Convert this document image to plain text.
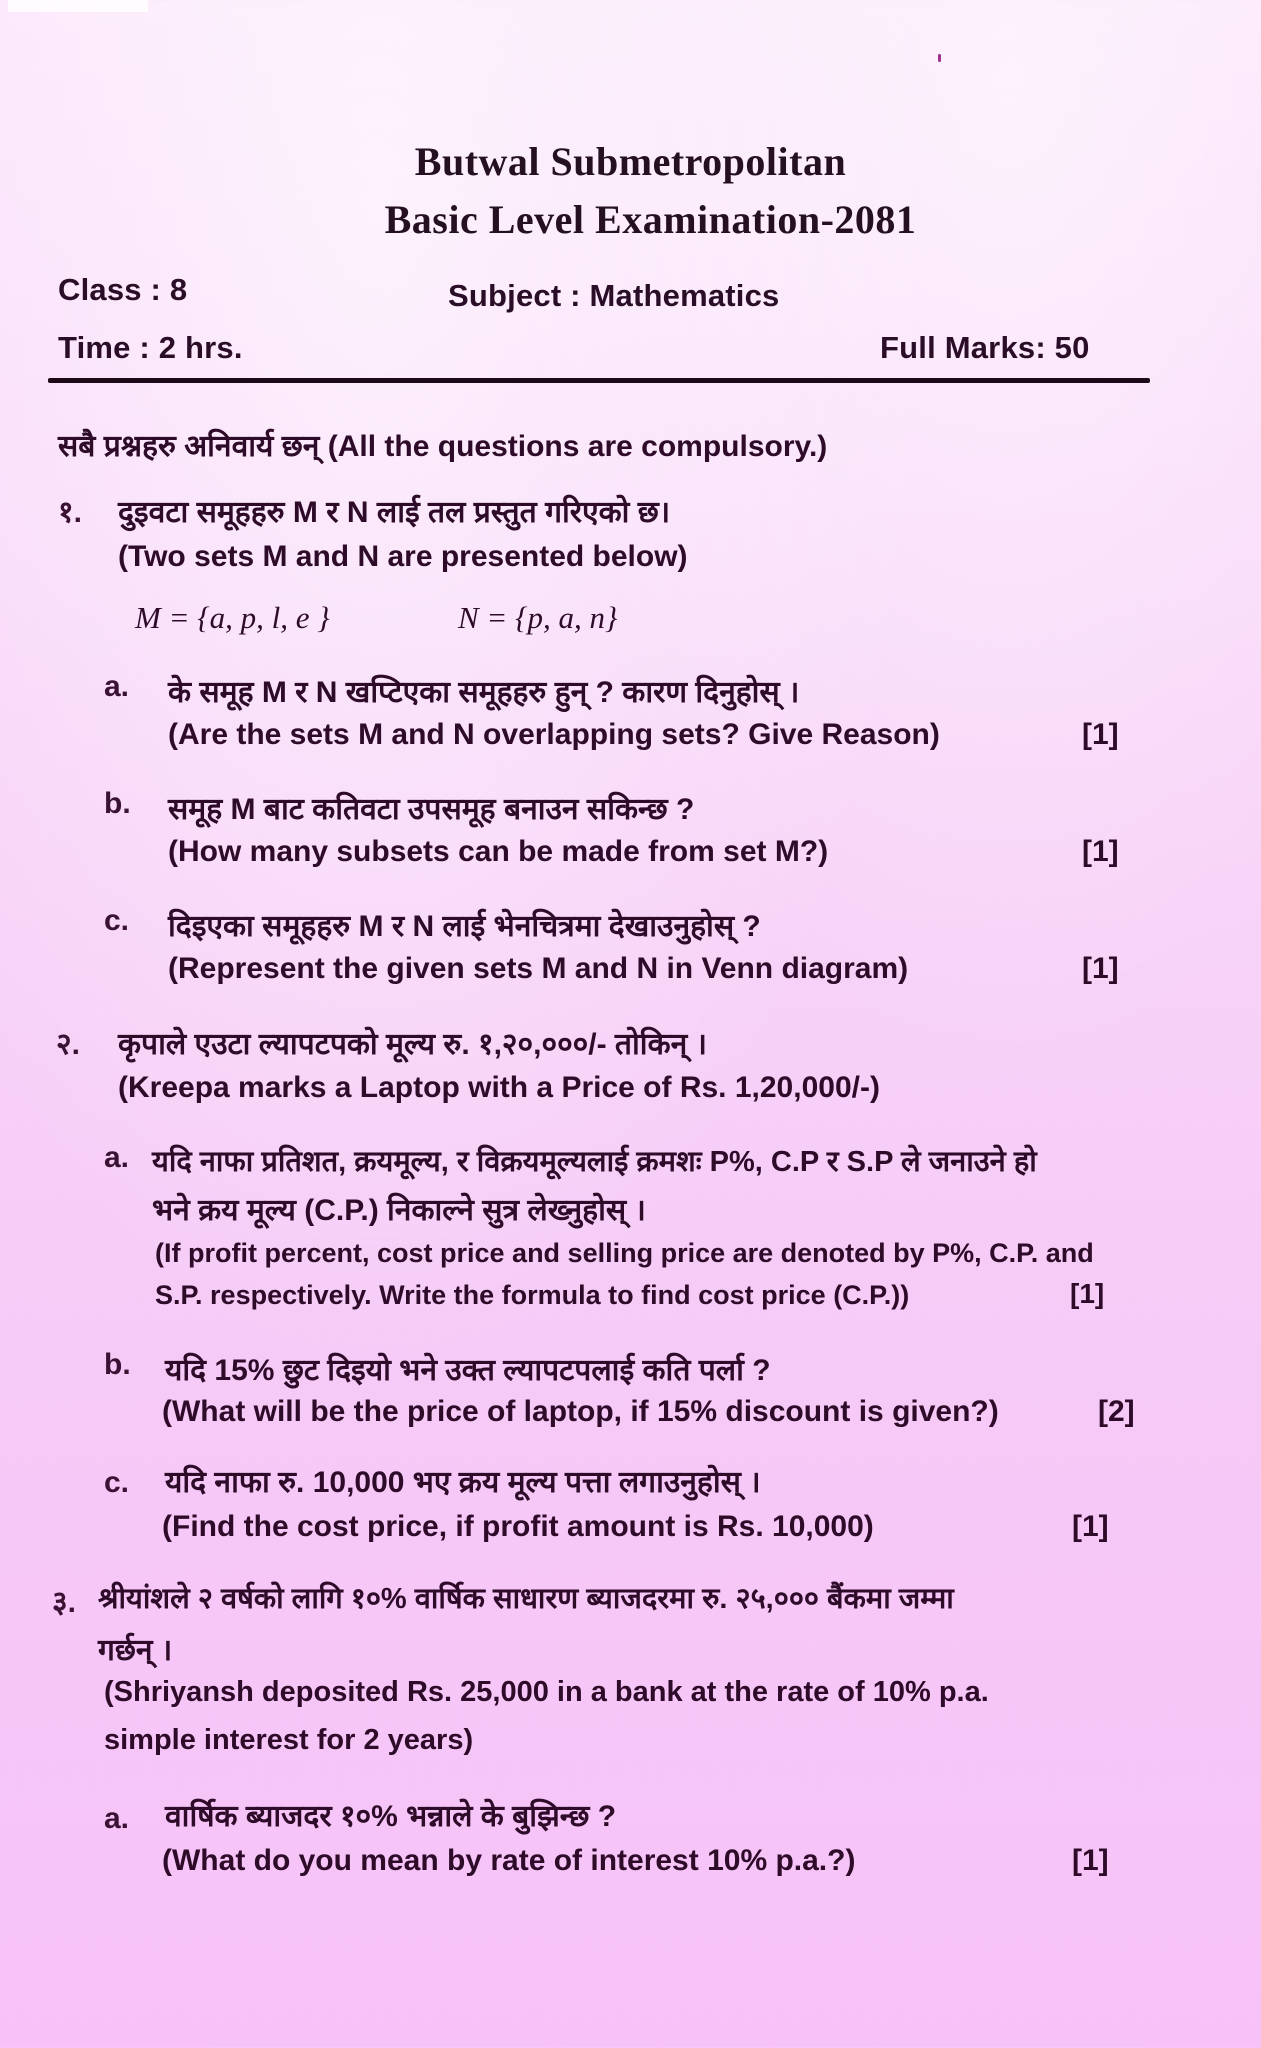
Butwal Submetropolitan
Basic Level Examination-2081
Class : 8	Subject : Mathematics
Time : 2 hrs.	Full Marks: 50
सबै प्रश्नहरु अनिवार्य छन् (All the questions are compulsory.)
१. दुइवटा समूहहरु M र N लाई तल प्रस्तुत गरिएको छ।
(Two sets M and N are presented below)
M = {a, p, l, e }	N = {p, a, n}
a. के समूह M र N खप्टिएका समूहहरु हुन् ? कारण दिनुहोस् ।
(Are the sets M and N overlapping sets? Give Reason)	[1]
b. समूह M बाट कतिवटा उपसमूह बनाउन सकिन्छ ?
(How many subsets can be made from set M?)	[1]
c. दिइएका समूहहरु M र N लाई भेनचित्रमा देखाउनुहोस् ?
(Represent the given sets M and N in Venn diagram)	[1]
२. कृपाले एउटा ल्यापटपको मूल्य रु. १,२०,०००/- तोकिन् ।
(Kreepa marks a Laptop with a Price of Rs. 1,20,000/-)
a. यदि नाफा प्रतिशत, क्रयमूल्य, र विक्रयमूल्यलाई क्रमशः P%, C.P र S.P ले जनाउने हो
भने क्रय मूल्य (C.P.) निकाल्ने सुत्र लेख्नुहोस् ।
(If profit percent, cost price and selling price are denoted by P%, C.P. and
S.P. respectively. Write the formula to find cost price (C.P.))	[1]
b. यदि 15% छुट दिइयो भने उक्त ल्यापटपलाई कति पर्ला ?
(What will be the price of laptop, if 15% discount is given?)	[2]
c. यदि नाफा रु. 10,000 भए क्रय मूल्य पत्ता लगाउनुहोस् ।
(Find the cost price, if profit amount is Rs. 10,000)	[1]
३. श्रीयांशले २ वर्षको लागि १०% वार्षिक साधारण ब्याजदरमा रु. २५,००० बैंकमा जम्मा
गर्छन् ।
(Shriyansh deposited Rs. 25,000 in a bank at the rate of 10% p.a.
simple interest for 2 years)
a. वार्षिक ब्याजदर १०% भन्नाले के बुझिन्छ ?
(What do you mean by rate of interest 10% p.a.?)	[1]
